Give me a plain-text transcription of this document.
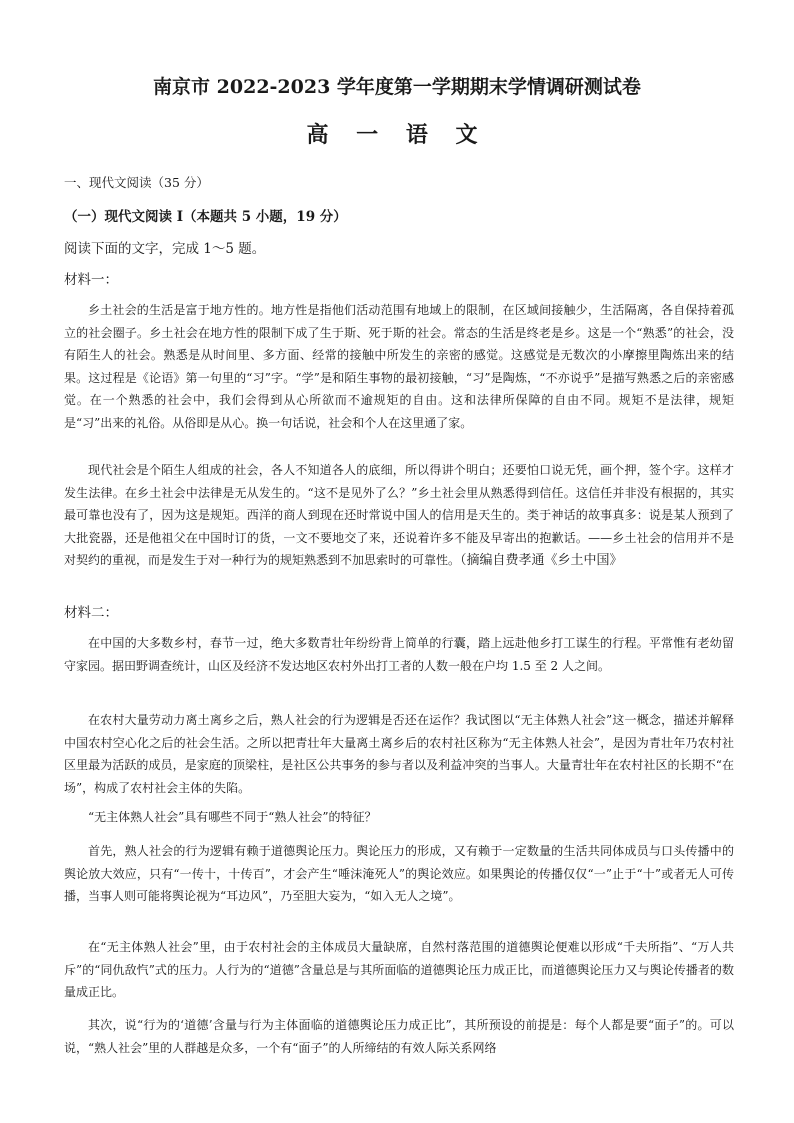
南京市 2022-2023 学年度第一学期期末学情调研测试卷
高 一 语 文
一、现代文阅读（35 分）
（一）现代文阅读 I（本题共 5 小题，19 分）
阅读下面的文字，完成 1～5 题。
材料一：

乡土社会的生活是富于地方性的。地方性是指他们活动范围有地域上的限制，在区域间接触少，生活隔离，各自保持着孤立的社会圈子。乡土社会在地方性的限制下成了生于斯、死于斯的社会。常态的生活是终老是乡。这是一个“熟悉”的社会，没有陌生人的社会。熟悉是从时间里、多方面、经常的接触中所发生的亲密的感觉。这感觉是无数次的小摩擦里陶炼出来的结果。这过程是《论语》第一句里的“习”字。“学”是和陌生事物的最初接触，“习”是陶炼，“不亦说乎”是描写熟悉之后的亲密感觉。在一个熟悉的社会中，我们会得到从心所欲而不逾规矩的自由。这和法律所保障的自由不同。规矩不是法律，规矩是“习”出来的礼俗。从俗即是从心。换一句话说，社会和个人在这里通了家。

现代社会是个陌生人组成的社会，各人不知道各人的底细，所以得讲个明白；还要怕口说无凭，画个押，签个字。这样才发生法律。在乡土社会中法律是无从发生的。“这不是见外了么？”乡土社会里从熟悉得到信任。这信任并非没有根据的，其实最可靠也没有了，因为这是规矩。西洋的商人到现在还时常说中国人的信用是天生的。类于神话的故事真多：说是某人预到了大批瓷器，还是他祖父在中国时订的货，一文不要地交了来，还说着许多不能及早寄出的抱歉话。——乡土社会的信用并不是对契约的重视，而是发生于对一种行为的规矩熟悉到不加思索时的可靠性。（摘编自费孝通《乡土中国》

材料二：

在中国的大多数乡村，春节一过，绝大多数青壮年纷纷背上简单的行囊，踏上远赴他乡打工谋生的行程。平常惟有老幼留守家园。据田野调查统计，山区及经济不发达地区农村外出打工者的人数一般在户均 1.5 至 2 人之间。

在农村大量劳动力离土离乡之后，熟人社会的行为逻辑是否还在运作？我试图以“无主体熟人社会”这一概念，描述并解释中国农村空心化之后的社会生活。之所以把青壮年大量离土离乡后的农村社区称为“无主体熟人社会”，是因为青壮年乃农村社区里最为活跃的成员，是家庭的顶梁柱，是社区公共事务的参与者以及利益冲突的当事人。大量青壮年在农村社区的长期不“在场”，构成了农村社会主体的失陷。

“无主体熟人社会”具有哪些不同于“熟人社会”的特征？

首先，熟人社会的行为逻辑有赖于道德舆论压力。舆论压力的形成，又有赖于一定数量的生活共同体成员与口头传播中的舆论放大效应，只有“一传十，十传百”，才会产生“唾沫淹死人”的舆论效应。如果舆论的传播仅仅“一”止于“十”或者无人可传播，当事人则可能将舆论视为“耳边风”，乃至胆大妄为，“如入无人之境”。

在“无主体熟人社会”里，由于农村社会的主体成员大量缺席，自然村落范围的道德舆论便难以形成“千夫所指”、“万人共斥”的“同仇敌忾”式的压力。人行为的“道德”含量总是与其所面临的道德舆论压力成正比，而道德舆论压力又与舆论传播者的数量成正比。

其次，说“行为的‘道德’含量与行为主体面临的道德舆论压力成正比”，其所预设的前提是：每个人都是要“面子”的。可以说，“熟人社会”里的人群越是众多，一个有“面子”的人所缔结的有效人际关系网络
